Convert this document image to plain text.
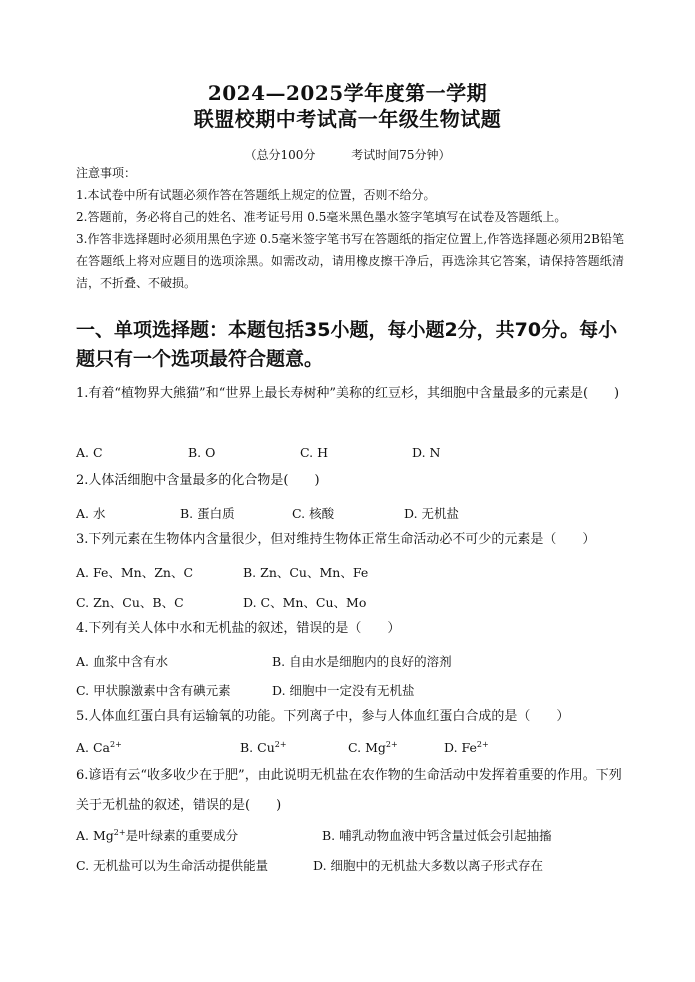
2024—2025学年度第一学期
联盟校期中考试高一年级生物试题
（总分100分	考试时间75分钟）

注意事项：

1.本试卷中所有试题必须作答在答题纸上规定的位置，否则不给分。

2.答题前，务必将自己的姓名、准考证号用 0.5毫米黑色墨水签字笔填写在试卷及答题纸上。

3.作答非选择题时必须用黑色字迹 0.5毫米签字笔书写在答题纸的指定位置上,作答选择题必须用2B铅笔在答题纸上将对应题目的选项涂黑。如需改动，请用橡皮擦干净后，再选涂其它答案，请保持答题纸清洁，不折叠、不破损。

一、单项选择题：本题包括35小题，每小题2分，共70分。每小题只有一个选项最符合题意。
1.有着“植物界大熊猫”和“世界上最长寿树种”美称的红豆杉，其细胞中含量最多的元素是(　　)
A. C	B. O	C. H	D. N
2.人体活细胞中含量最多的化合物是(　　)
A. 水	B. 蛋白质	C. 核酸	D. 无机盐
3.下列元素在生物体内含量很少，但对维持生物体正常生命活动必不可少的元素是（　　）
A. Fe、Mn、Zn、C	B. Zn、Cu、Mn、Fe
C. Zn、Cu、B、C	D. C、Mn、Cu、Mo
4.下列有关人体中水和无机盐的叙述，错误的是（　　）
A. 血浆中含有水	B. 自由水是细胞内的良好的溶剂
C. 甲状腺激素中含有碘元素	D. 细胞中一定没有无机盐
5.人体血红蛋白具有运输氧的功能。下列离子中，参与人体血红蛋白合成的是（　　）
A. $Ca^{2+}$	B. $Cu^{2+}$	C. $Mg^{2+}$	D. $Fe^{2+}$
6.谚语有云“收多收少在于肥”，由此说明无机盐在农作物的生命活动中发挥着重要的作用。下列关于无机盐的叙述，错误的是(　　)
A. $Mg^{2+}$是叶绿素的重要成分	B. 哺乳动物血液中钙含量过低会引起抽搐
C. 无机盐可以为生命活动提供能量	D. 细胞中的无机盐大多数以离子形式存在
